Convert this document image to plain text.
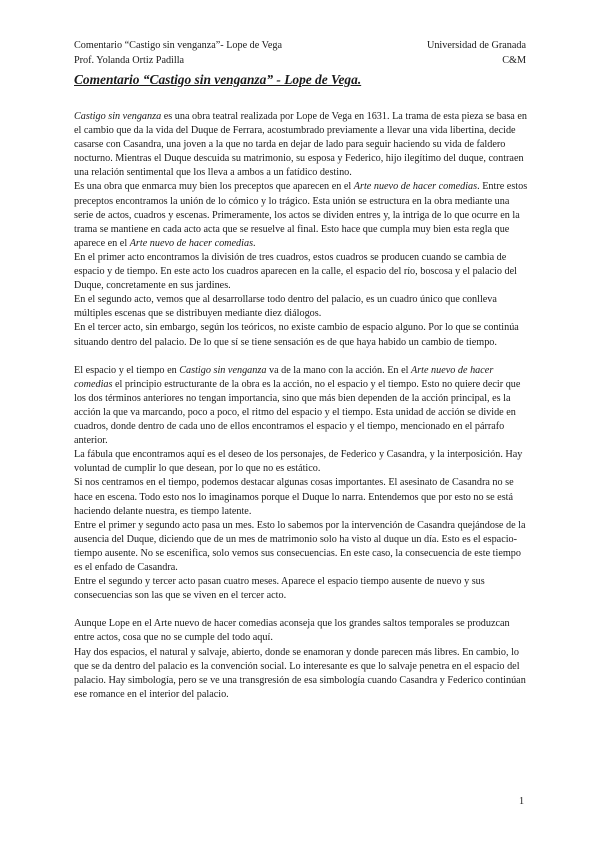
Comentario “Castigo sin venganza”- Lope de Vega	Universidad de Granada
Prof. Yolanda Ortiz Padilla	C&M
Comentario “Castigo sin venganza” - Lope de Vega.

Castigo sin venganza es una obra teatral realizada por Lope de Vega en 1631. La trama de esta pieza se basa en el cambio que da la vida del Duque de Ferrara, acostumbrado previamente a llevar una vida libertina, decide casarse con Casandra, una joven a la que no tarda en dejar de lado para seguir haciendo su vida de faldero nocturno. Mientras el Duque descuida su matrimonio, su esposa y Federico, hijo ilegítimo del duque, contraen una relación sentimental que los lleva a ambos a un fatídico destino.

Es una obra que enmarca muy bien los preceptos que aparecen en el Arte nuevo de hacer comedias. Entre estos preceptos encontramos la unión de lo cómico y lo trágico. Esta unión se estructura en la obra mediante una serie de actos, cuadros y escenas. Primeramente, los actos se dividen entres y, la intriga de lo que ocurre en la trama se mantiene en cada acto acta que se resuelve al final. Esto hace que cumpla muy bien esta regla que aparece en el Arte nuevo de hacer comedias.

En el primer acto encontramos la división de tres cuadros, estos cuadros se producen cuando se cambia de espacio y de tiempo. En este acto los cuadros aparecen en la calle, el espacio del río, boscosa y el palacio del Duque, concretamente en sus jardines.

En el segundo acto, vemos que al desarrollarse todo dentro del palacio, es un cuadro único que conlleva múltiples escenas que se distribuyen mediante diez diálogos.

En el tercer acto, sin embargo, según los teóricos, no existe cambio de espacio alguno. Por lo que se continúa situando dentro del palacio. De lo que sí se tiene sensación es de que haya habido un cambio de tiempo.

El espacio y el tiempo en Castigo sin venganza va de la mano con la acción. En el Arte nuevo de hacer comedias el principio estructurante de la obra es la acción, no el espacio y el tiempo. Esto no quiere decir que los dos términos anteriores no tengan importancia, sino que más bien dependen de la acción principal, es la acción la que va marcando, poco a poco, el ritmo del espacio y el tiempo. Esta unidad de acción se divide en cuadros, donde dentro de cada uno de ellos encontramos el espacio y el tiempo, mencionado en el párrafo anterior.

La fábula que encontramos aquí es el deseo de los personajes, de Federico y Casandra, y la interposición. Hay voluntad de cumplir lo que desean, por lo que no es estático.

Si nos centramos en el tiempo, podemos destacar algunas cosas importantes. El asesinato de Casandra no se hace en escena. Todo esto nos lo imaginamos porque el Duque lo narra. Entendemos que por esto no se está haciendo delante nuestra, es tiempo latente.

Entre el primer y segundo acto pasa un mes. Esto lo sabemos por la intervención de Casandra quejándose de la ausencia del Duque, diciendo que de un mes de matrimonio solo ha visto al duque un día. Esto es el espacio-tiempo ausente. No se escenifica, solo vemos sus consecuencias. En este caso, la consecuencia de este tiempo es el enfado de Casandra.

Entre el segundo y tercer acto pasan cuatro meses. Aparece el espacio tiempo ausente de nuevo y sus consecuencias son las que se viven en el tercer acto.

Aunque Lope en el Arte nuevo de hacer comedias aconseja que los grandes saltos temporales se produzcan entre actos, cosa que no se cumple del todo aquí.

Hay dos espacios, el natural y salvaje, abierto, donde se enamoran y donde parecen más libres. En cambio, lo que se da dentro del palacio es la convención social. Lo interesante es que lo salvaje penetra en el espacio del palacio. Hay simbología, pero se ve una transgresión de esa simbología cuando Casandra y Federico continúan ese romance en el interior del palacio.

1
